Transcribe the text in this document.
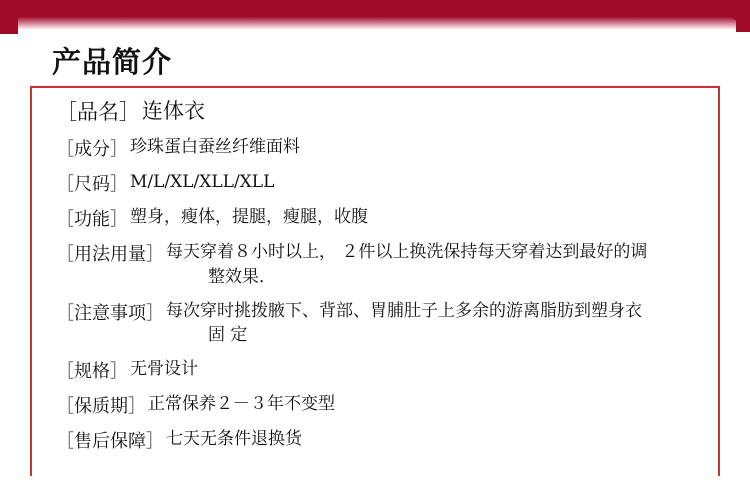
产品简介
［品名］ 连体衣
［成分］ 珍珠蛋白蚕丝纤维面料
［尺码］ M/L/XL/XLL/XLL
［功能］ 塑身，瘦体，提腿，瘦腿，收腹
［用法用量］ 每天穿着８小时以上， ２件以上换洗保持每天穿着达到最好的调
整效果．
［注意事项］ 每次穿时挑拨腋下、背部、胃脯肚子上多余的游离脂肪到塑身衣
固 定
［规格］ 无骨设计
［保质期］ 正常保养２－３年不变型
［售后保障］ 七天无条件退换货
